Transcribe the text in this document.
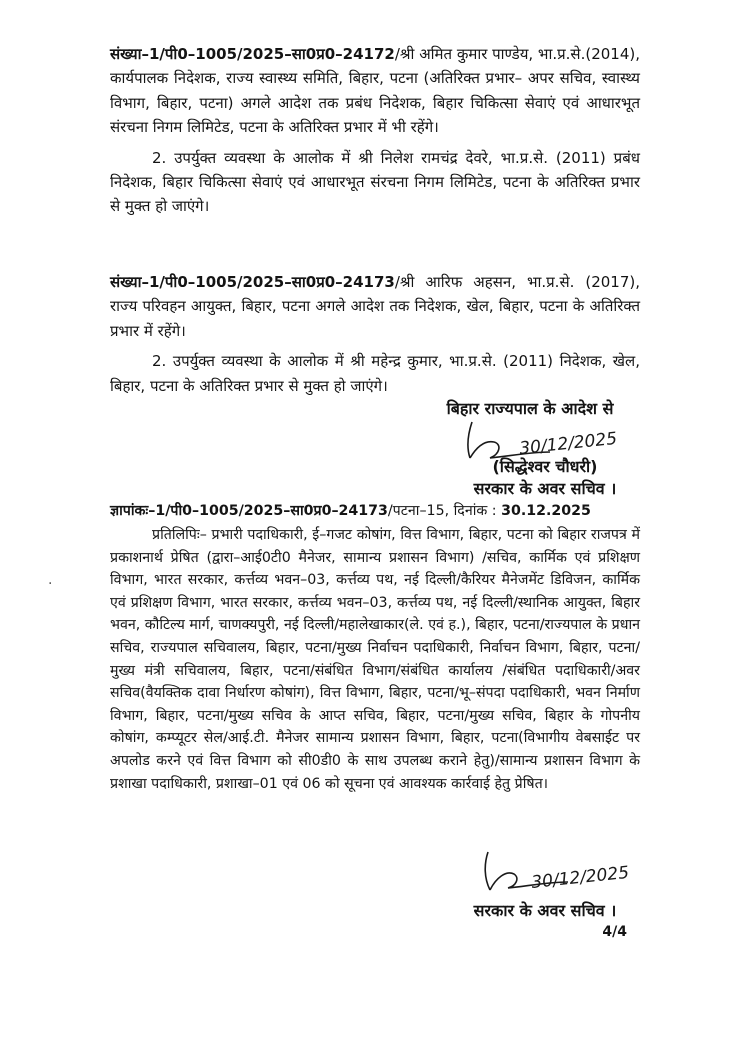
संख्या–1/पी0–1005/2025–सा0प्र0–24172/श्री अमित कुमार पाण्डेय, भा.प्र.से.(2014), कार्यपालक निदेशक, राज्य स्वास्थ्य समिति, बिहार, पटना (अतिरिक्त प्रभार– अपर सचिव, स्वास्थ्य विभाग, बिहार, पटना) अगले आदेश तक प्रबंध निदेशक, बिहार चिकित्सा सेवाएं एवं आधारभूत संरचना निगम लिमिटेड, पटना के अतिरिक्त प्रभार में भी रहेंगे।

2. उपर्युक्त व्यवस्था के आलोक में श्री निलेश रामचंद्र देवरे, भा.प्र.से. (2011) प्रबंध निदेशक, बिहार चिकित्सा सेवाएं एवं आधारभूत संरचना निगम लिमिटेड, पटना के अतिरिक्त प्रभार से मुक्त हो जाएंगे।

संख्या–1/पी0–1005/2025–सा0प्र0–24173/श्री आरिफ अहसन, भा.प्र.से. (2017), राज्य परिवहन आयुक्त, बिहार, पटना अगले आदेश तक निदेशक, खेल, बिहार, पटना के अतिरिक्त प्रभार में रहेंगे।

2. उपर्युक्त व्यवस्था के आलोक में श्री महेन्द्र कुमार, भा.प्र.से. (2011) निदेशक, खेल, बिहार, पटना के अतिरिक्त प्रभार से मुक्त हो जाएंगे।

बिहार राज्यपाल के आदेश से
30/12/2025
(सिद्धेश्वर चौधरी)
सरकार के अवर सचिव ।

ज्ञापांकः–1/पी0–1005/2025–सा0प्र0–24173/पटना–15, दिनांक : 30.12.2025

प्रतिलिपिः– प्रभारी पदाधिकारी, ई–गजट कोषांग, वित्त विभाग, बिहार, पटना को बिहार राजपत्र में प्रकाशनार्थ प्रेषित (द्वारा–आई0टी0 मैनेजर, सामान्य प्रशासन विभाग) /सचिव, कार्मिक एवं प्रशिक्षण विभाग, भारत सरकार, कर्त्तव्य भवन–03, कर्त्तव्य पथ, नई दिल्ली/कैरियर मैनेजमेंट डिविजन, कार्मिक एवं प्रशिक्षण विभाग, भारत सरकार, कर्त्तव्य भवन–03, कर्त्तव्य पथ, नई दिल्ली/स्थानिक आयुक्त, बिहार भवन, कौटिल्य मार्ग, चाणक्यपुरी, नई दिल्ली/महालेखाकार(ले. एवं ह.), बिहार, पटना/राज्यपाल के प्रधान सचिव, राज्यपाल सचिवालय, बिहार, पटना/मुख्य निर्वाचन पदाधिकारी, निर्वाचन विभाग, बिहार, पटना/मुख्य मंत्री सचिवालय, बिहार, पटना/संबंधित विभाग/संबंधित कार्यालय /संबंधित पदाधिकारी/अवर सचिव(वैयक्तिक दावा निर्धारण कोषांग), वित्त विभाग, बिहार, पटना/भू–संपदा पदाधिकारी, भवन निर्माण विभाग, बिहार, पटना/मुख्य सचिव के आप्त सचिव, बिहार, पटना/मुख्य सचिव, बिहार के गोपनीय कोषांग, कम्प्यूटर सेल/आई.टी. मैनेजर सामान्य प्रशासन विभाग, बिहार, पटना(विभागीय वेबसाईट पर अपलोड करने एवं वित्त विभाग को सी0डी0 के साथ उपलब्ध कराने हेतु)/सामान्य प्रशासन विभाग के प्रशाखा पदाधिकारी, प्रशाखा–01 एवं 06 को सूचना एवं आवश्यक कार्रवाई हेतु प्रेषित।

·
30/12/2025
सरकार के अवर सचिव ।
4/4
